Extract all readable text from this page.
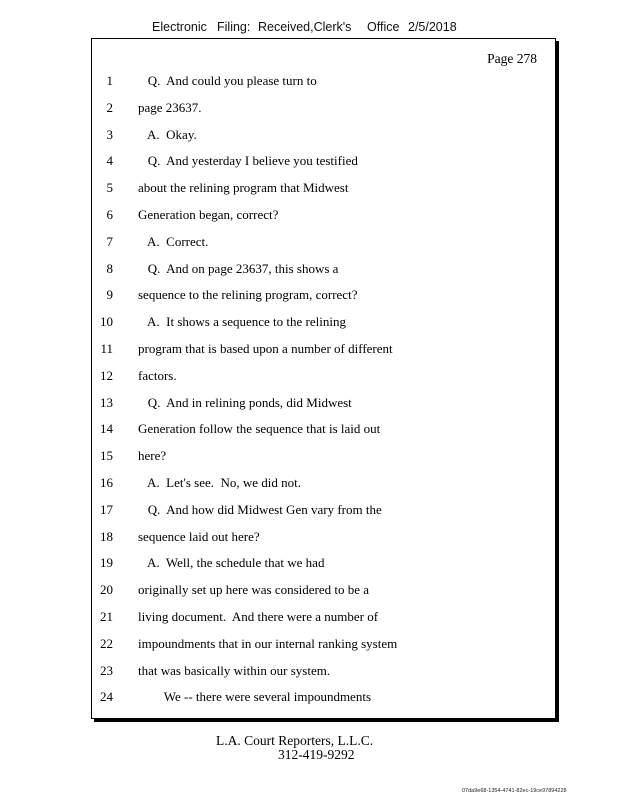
Electronic Filing: Received,Clerk's Office 2/5/2018
Page 278
1 Q.  And could you please turn to
2 page 23637.
3 A.  Okay.
4 Q.  And yesterday I believe you testified
5 about the relining program that Midwest
6 Generation began, correct?
7 A.  Correct.
8 Q.  And on page 23637, this shows a
9 sequence to the relining program, correct?
10 A.  It shows a sequence to the relining
11 program that is based upon a number of different
12 factors.
13 Q.  And in relining ponds, did Midwest
14 Generation follow the sequence that is laid out
15 here?
16 A.  Let's see.  No, we did not.
17 Q.  And how did Midwest Gen vary from the
18 sequence laid out here?
19 A.  Well, the schedule that we had
20 originally set up here was considered to be a
21 living document.  And there were a number of
22 impoundments that in our internal ranking system
23 that was basically within our system.
24 We -- there were several impoundments
L.A. Court Reporters, L.L.C.
312-419-9292
07da9e68-1354-4741-82ec-19ce97894228
